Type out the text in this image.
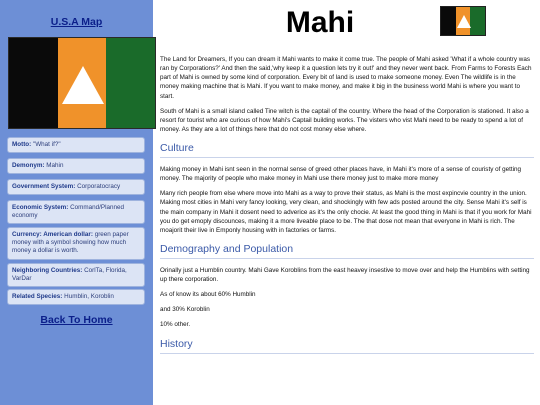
U.S.A Map
Motto: "What if?"
Demonym: Mahin
Government System: Corporatocracy
Economic System: Command/Planned economy
Currency: American dollar: green paper money with a symbol showing how much money a dollar is worth.
Neighboring Countries: CorlTa, Florida, VarDar
Related Species: Humblin, Koroblin
Back To Home
Mahi

The Land for Dreamers, If you can dream it Mahi wants to make it come true. The people of Mahi asked 'What if a whole country was ran by Corporations?' And then the said,'why keep it a question lets try it out!' and they never went back. From Farms to Forests Each part of Mahi is owned by some kind of corporation. Every bit of land is used to make someone money. Even The wildlife is in the money making machine that is Mahi. If you want to make money, and make it big in the business world Mahi is where you want to start.

South of Mahi is a small island called Tine witch is the captail of the country. Where the head of the Corporation is stationed. It also a resort for tourist who are curious of how Mahi's Captail building works. The visters who vist Mahi need to be ready to spend a lot of money. As they are a lot of things here that do not cost money else where.

Culture

Making money in Mahi isnt seen in the normal sense of greed other places have, in Mahi it's more of a sense of couristy of getting money. The majority of people who make money in Mahi use there money just to make more money

Many rich people from else where move into Mahi as a way to prove their status, as Mahi is the most expincvie country in the union. Making most cities in Mahi very fancy looking, very clean, and shockingly with few ads posted around the city. Sense Mahi it's self is the main company in Mahi it dosent need to adverice as it's the only chocie. At least the good thing in Mahi is that if you work for Mahi you do get emoply discounces, making it a more liveable place to be. The that dose not mean that everyone in Mahi is rich. The moajorit their live in Emponly housing with in factories or farms.

Demography and Population

Orinally just a Humblin country. Mahi Gave Koroblins from the east heavey insestive to move over and help the Humblins with setting up there corporation.

As of know its about 60% Humblin

and 30% Koroblin

10% other.

History
